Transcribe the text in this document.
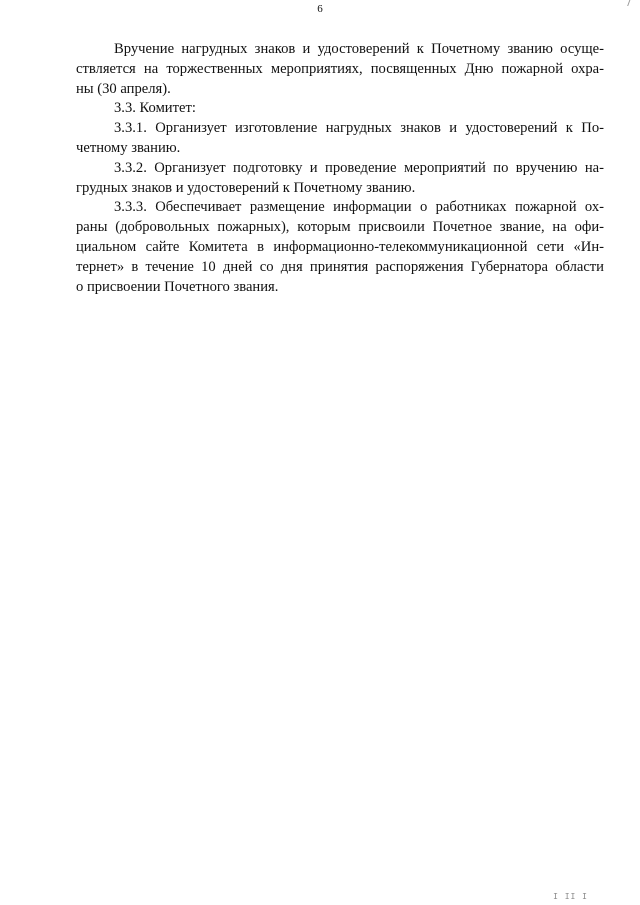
6
Вручение нагрудных знаков и удостоверений к Почетному званию осуще-
ствляется на торжественных мероприятиях, посвященных Дню пожарной охра-
ны (30 апреля).
3.3. Комитет:
3.3.1. Организует изготовление нагрудных знаков и удостоверений к По-
четному званию.
3.3.2. Организует подготовку и проведение мероприятий по вручению на-
грудных знаков и удостоверений к Почетному званию.
3.3.3. Обеспечивает размещение информации о работниках пожарной ох-
раны (добровольных пожарных), которым присвоили Почетное звание, на офи-
циальном сайте Комитета в информационно-телекоммуникационной сети «Ин-
тернет» в течение 10 дней со дня принятия распоряжения Губернатора области
о присвоении Почетного звания.
I II I
